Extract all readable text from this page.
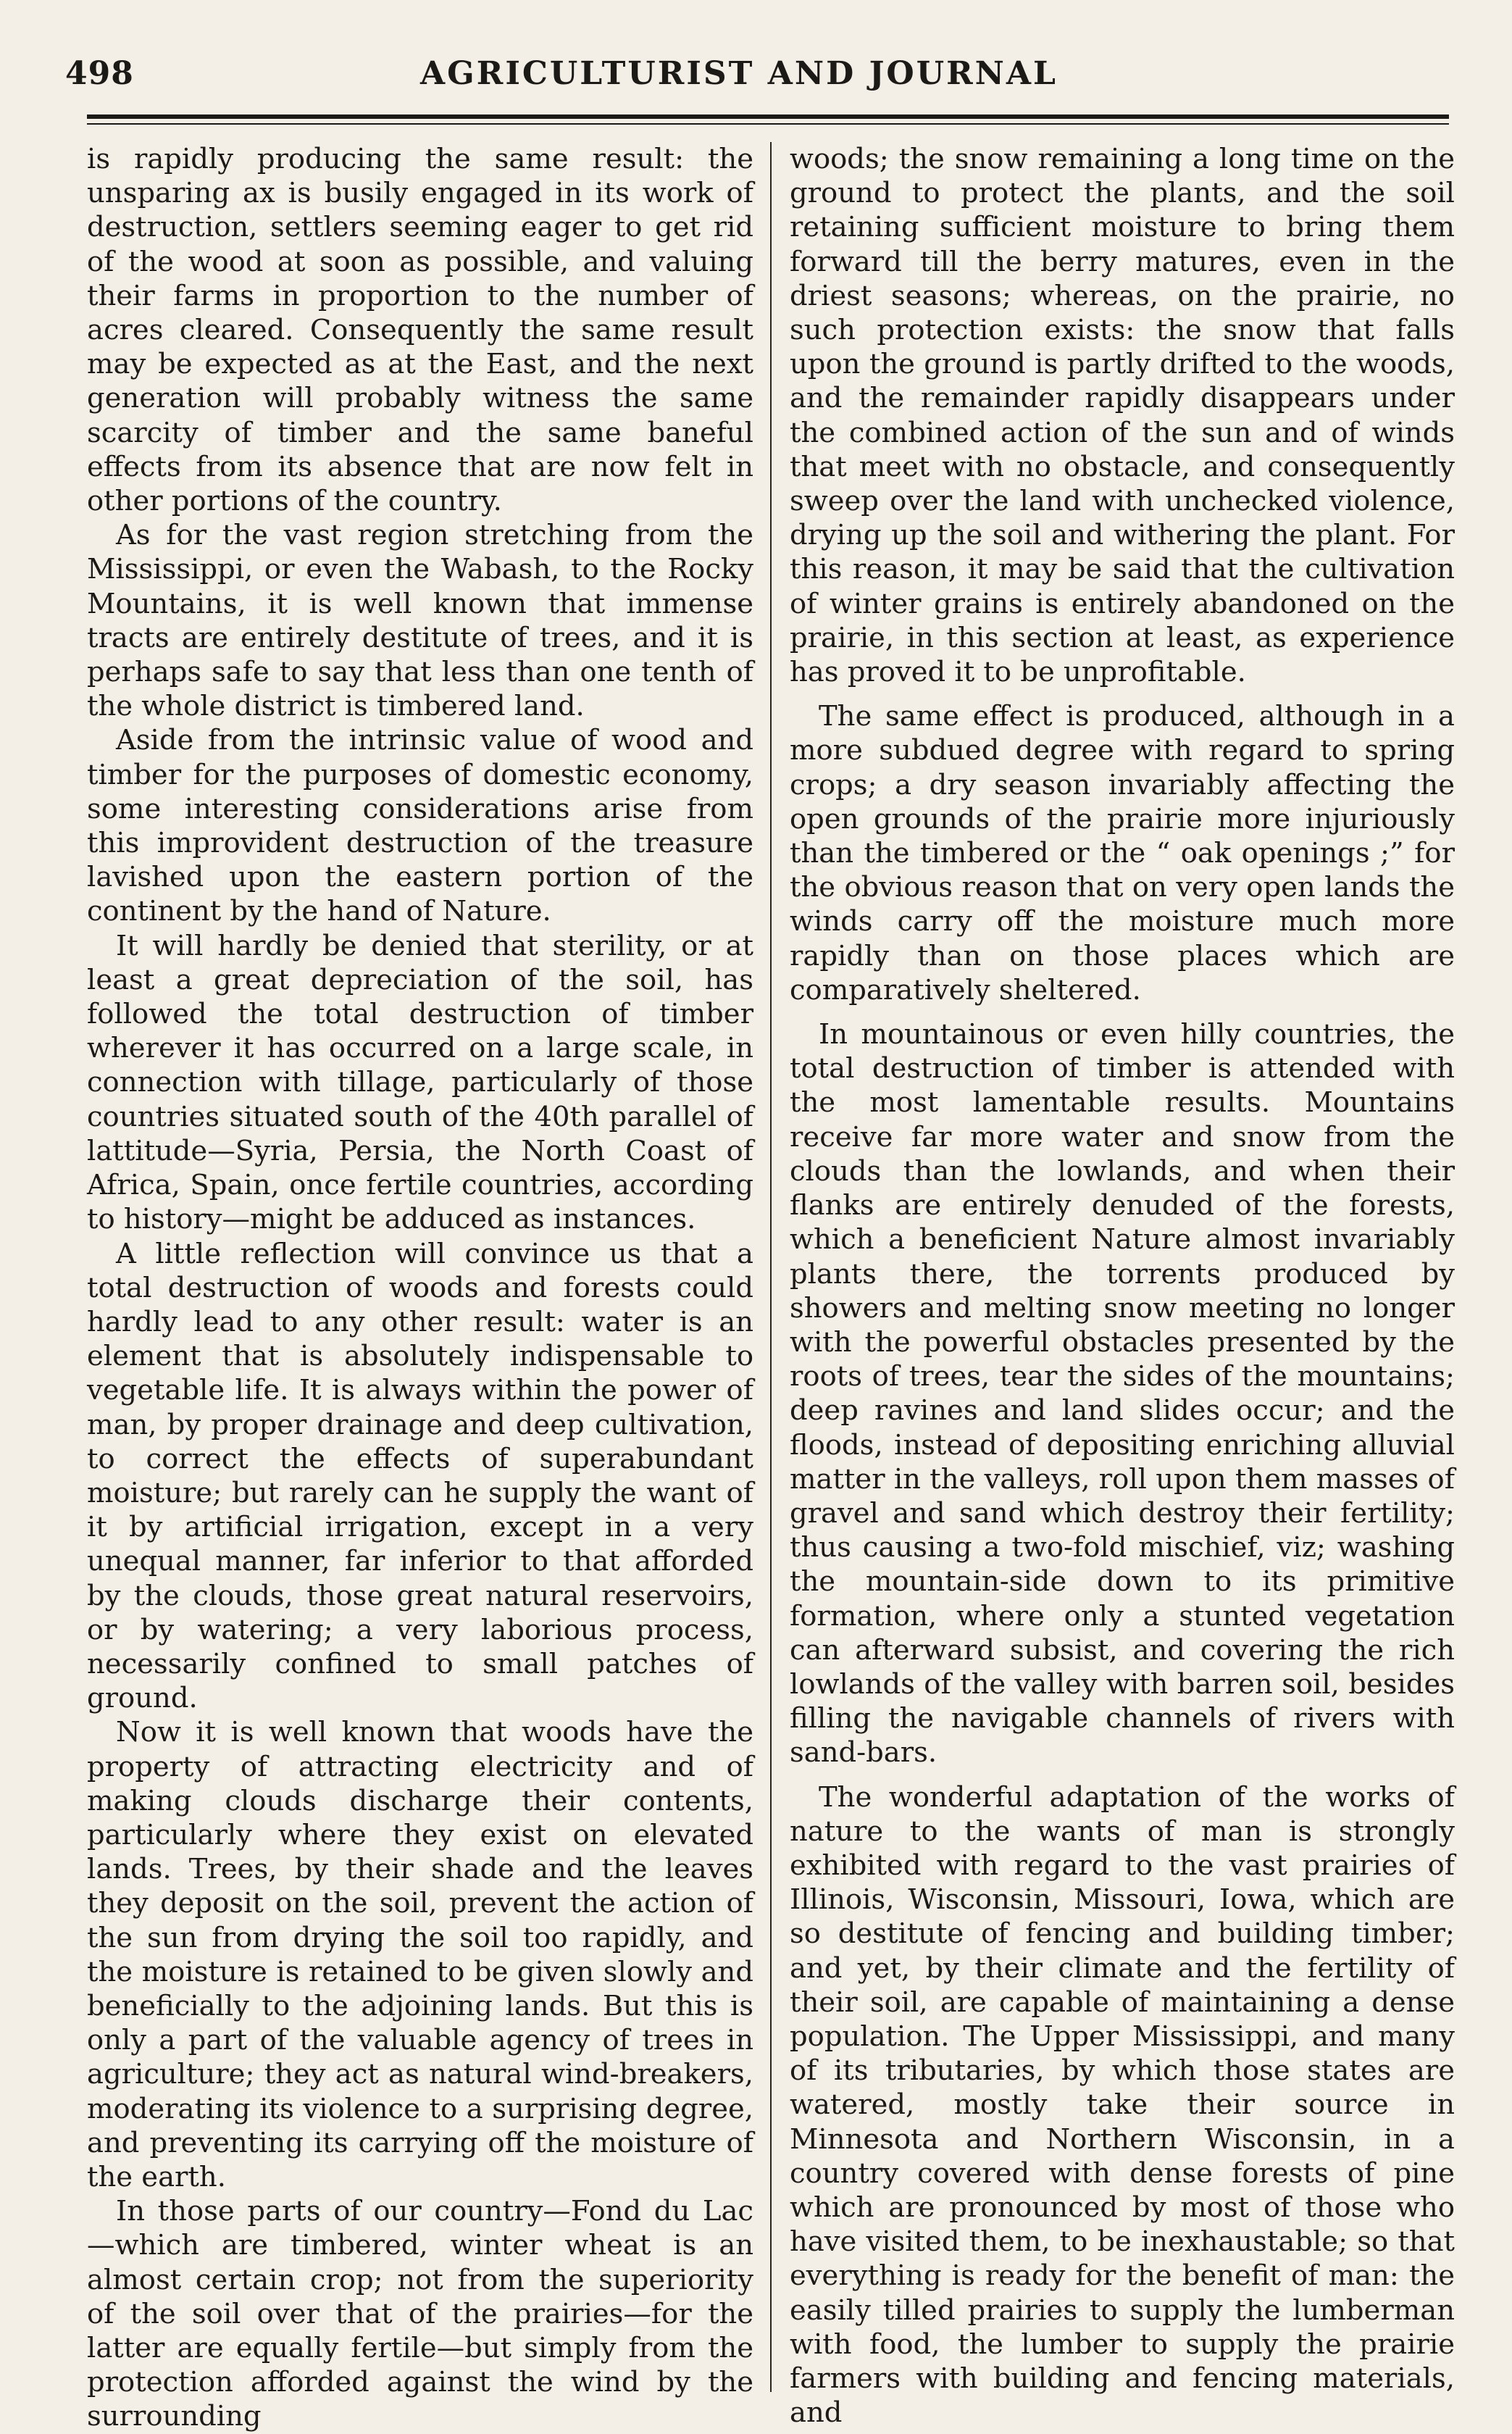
498	AGRICULTURIST AND JOURNAL

is rapidly producing the same result: the unsparing ax is busily engaged in its work of destruction, settlers seeming eager to get rid of the wood at soon as possible, and valuing their farms in proportion to the number of acres cleared. Consequently the same result may be expected as at the East, and the next generation will probably witness the same scarcity of timber and the same baneful effects from its absence that are now felt in other portions of the country.

As for the vast region stretching from the Mississippi, or even the Wabash, to the Rocky Mountains, it is well known that immense tracts are entirely destitute of trees, and it is perhaps safe to say that less than one tenth of the whole district is timbered land.

Aside from the intrinsic value of wood and timber for the purposes of domestic economy, some interesting considerations arise from this improvident destruction of the treasure lavished upon the eastern portion of the continent by the hand of Nature.

It will hardly be denied that sterility, or at least a great depreciation of the soil, has followed the total destruction of timber wherever it has occurred on a large scale, in connection with tillage, particularly of those countries situated south of the 40th parallel of lattitude—Syria, Persia, the North Coast of Africa, Spain, once fertile countries, according to history—might be adduced as instances.

A little reflection will convince us that a total destruction of woods and forests could hardly lead to any other result: water is an element that is absolutely indispensable to vegetable life. It is always within the power of man, by proper drainage and deep cultivation, to correct the effects of superabundant moisture; but rarely can he supply the want of it by artificial irrigation, except in a very unequal manner, far inferior to that afforded by the clouds, those great natural reservoirs, or by watering; a very laborious process, necessarily confined to small patches of ground.

Now it is well known that woods have the property of attracting electricity and of making clouds discharge their contents, particularly where they exist on elevated lands. Trees, by their shade and the leaves they deposit on the soil, prevent the action of the sun from drying the soil too rapidly, and the moisture is retained to be given slowly and beneficially to the adjoining lands. But this is only a part of the valuable agency of trees in agriculture; they act as natural wind-breakers, moderating its violence to a surprising degree, and preventing its carrying off the moisture of the earth.

In those parts of our country—Fond du Lac—which are timbered, winter wheat is an almost certain crop; not from the superiority of the soil over that of the prairies—for the latter are equally fertile—but simply from the protection afforded against the wind by the surrounding

woods; the snow remaining a long time on the ground to protect the plants, and the soil retaining sufficient moisture to bring them forward till the berry matures, even in the driest seasons; whereas, on the prairie, no such protection exists: the snow that falls upon the ground is partly drifted to the woods, and the remainder rapidly disappears under the combined action of the sun and of winds that meet with no obstacle, and consequently sweep over the land with unchecked violence, drying up the soil and withering the plant. For this reason, it may be said that the cultivation of winter grains is entirely abandoned on the prairie, in this section at least, as experience has proved it to be unprofitable.

The same effect is produced, although in a more subdued degree with regard to spring crops; a dry season invariably affecting the open grounds of the prairie more injuriously than the timbered or the “ oak openings ;” for the obvious reason that on very open lands the winds carry off the moisture much more rapidly than on those places which are comparatively sheltered.

In mountainous or even hilly countries, the total destruction of timber is attended with the most lamentable results. Mountains receive far more water and snow from the clouds than the lowlands, and when their flanks are entirely denuded of the forests, which a beneficient Nature almost invariably plants there, the torrents produced by showers and melting snow meeting no longer with the powerful obstacles presented by the roots of trees, tear the sides of the mountains; deep ravines and land slides occur; and the floods, instead of depositing enriching alluvial matter in the valleys, roll upon them masses of gravel and sand which destroy their fertility; thus causing a two-fold mischief, viz; washing the mountain-side down to its primitive formation, where only a stunted vegetation can afterward subsist, and covering the rich lowlands of the valley with barren soil, besides filling the navigable channels of rivers with sand-bars.

The wonderful adaptation of the works of nature to the wants of man is strongly exhibited with regard to the vast prairies of Illinois, Wisconsin, Missouri, Iowa, which are so destitute of fencing and building timber; and yet, by their climate and the fertility of their soil, are capable of maintaining a dense population. The Upper Mississippi, and many of its tributaries, by which those states are watered, mostly take their source in Minnesota and Northern Wisconsin, in a country covered with dense forests of pine which are pronounced by most of those who have visited them, to be inexhaustable; so that everything is ready for the benefit of man: the easily tilled prairies to supply the lumberman with food, the lumber to supply the prairie farmers with building and fencing materials, and
